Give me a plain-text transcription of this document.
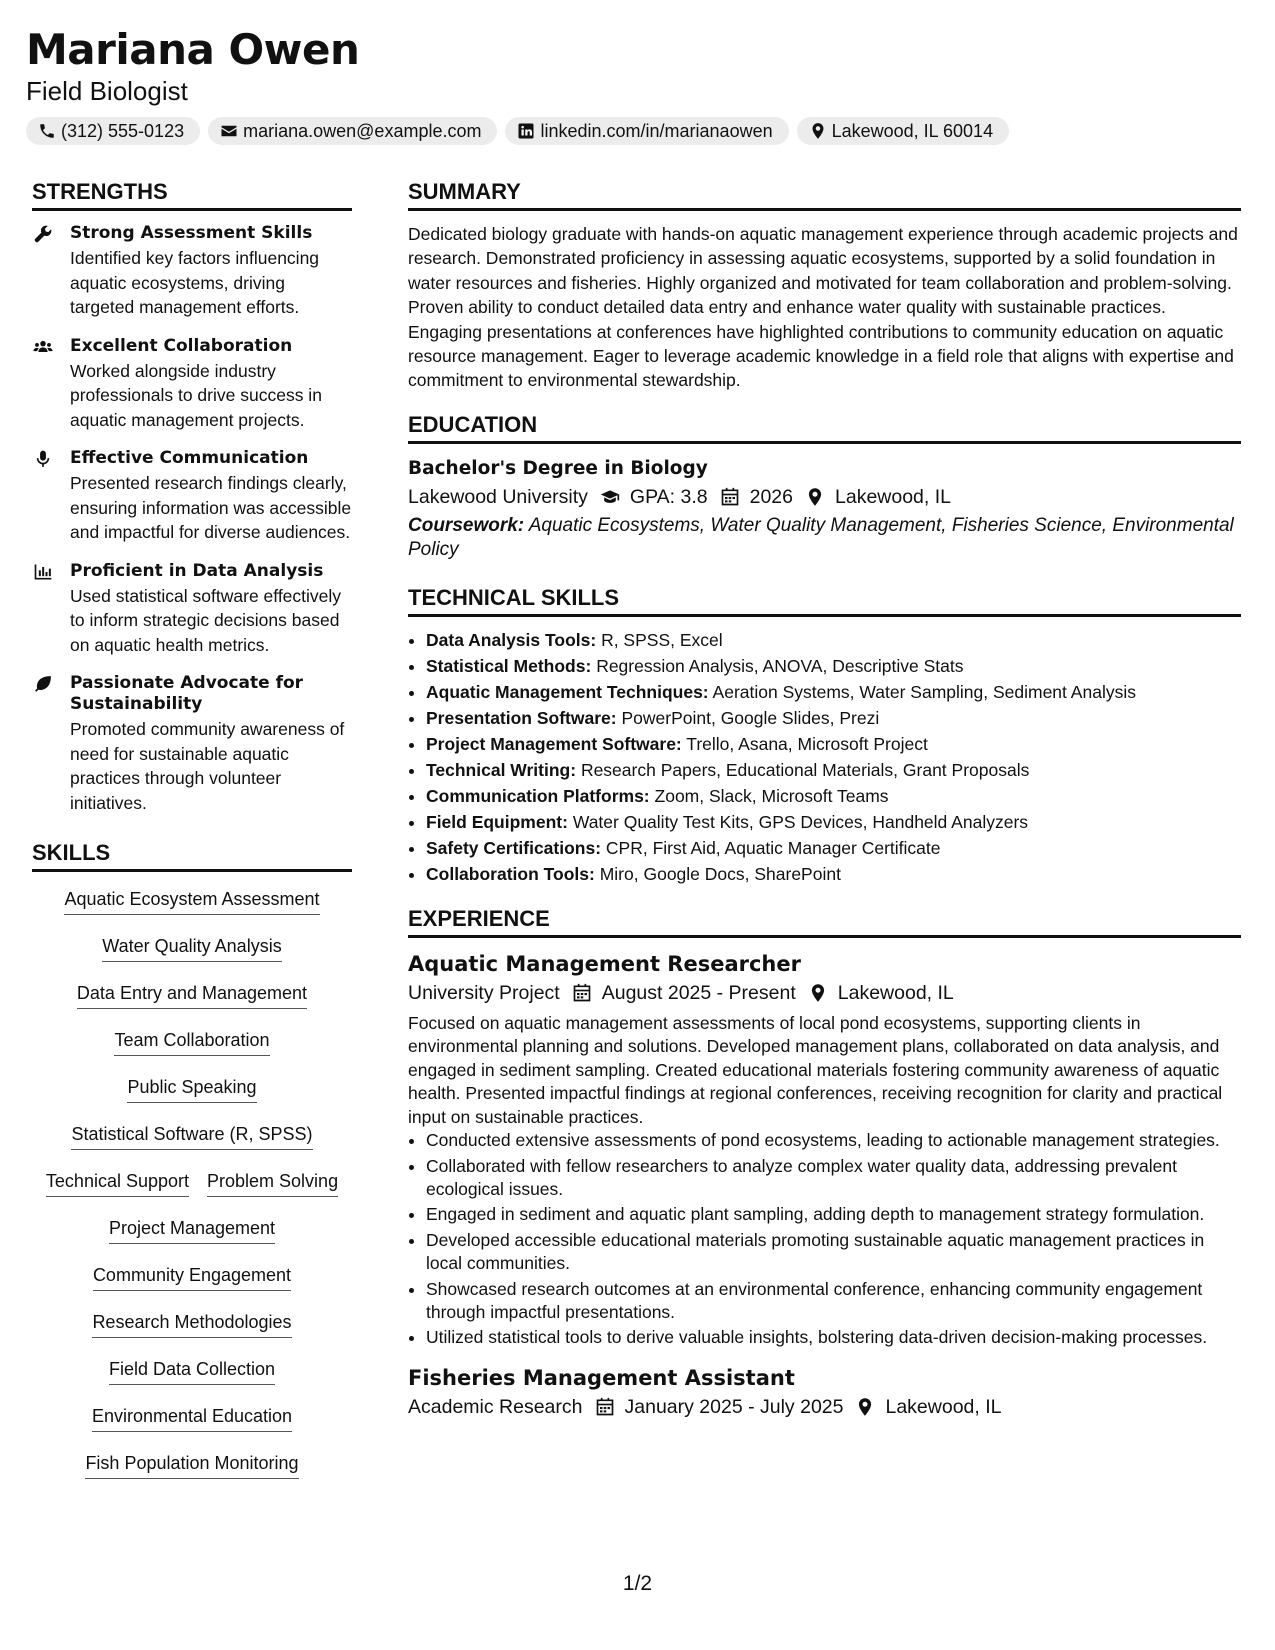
Mariana Owen
Field Biologist
(312) 555-0123	mariana.owen@example.com	linkedin.com/in/marianaowen	Lakewood, IL 60014
STRENGTHS
Strong Assessment Skills
Identified key factors influencing aquatic ecosystems, driving targeted management efforts.
Excellent Collaboration
Worked alongside industry professionals to drive success in aquatic management projects.
Effective Communication
Presented research findings clearly, ensuring information was accessible and impactful for diverse audiences.
Proficient in Data Analysis
Used statistical software effectively to inform strategic decisions based on aquatic health metrics.
Passionate Advocate for Sustainability
Promoted community awareness of need for sustainable aquatic practices through volunteer initiatives.
SKILLS
Aquatic Ecosystem Assessment
Water Quality Analysis
Data Entry and Management
Team Collaboration
Public Speaking
Statistical Software (R, SPSS)
Technical Support Problem Solving
Project Management
Community Engagement
Research Methodologies
Field Data Collection
Environmental Education
Fish Population Monitoring
SUMMARY
Dedicated biology graduate with hands-on aquatic management experience through academic projects and research. Demonstrated proficiency in assessing aquatic ecosystems, supported by a solid foundation in water resources and fisheries. Highly organized and motivated for team collaboration and problem-solving. Proven ability to conduct detailed data entry and enhance water quality with sustainable practices. Engaging presentations at conferences have highlighted contributions to community education on aquatic resource management. Eager to leverage academic knowledge in a field role that aligns with expertise and commitment to environmental stewardship.
EDUCATION
Bachelor's Degree in Biology
Lakewood University GPA: 3.8 2026 Lakewood, IL
Coursework: Aquatic Ecosystems, Water Quality Management, Fisheries Science, Environmental Policy
TECHNICAL SKILLS
• Data Analysis Tools: R, SPSS, Excel
• Statistical Methods: Regression Analysis, ANOVA, Descriptive Stats
• Aquatic Management Techniques: Aeration Systems, Water Sampling, Sediment Analysis
• Presentation Software: PowerPoint, Google Slides, Prezi
• Project Management Software: Trello, Asana, Microsoft Project
• Technical Writing: Research Papers, Educational Materials, Grant Proposals
• Communication Platforms: Zoom, Slack, Microsoft Teams
• Field Equipment: Water Quality Test Kits, GPS Devices, Handheld Analyzers
• Safety Certifications: CPR, First Aid, Aquatic Manager Certificate
• Collaboration Tools: Miro, Google Docs, SharePoint
EXPERIENCE
Aquatic Management Researcher
University Project August 2025 - Present Lakewood, IL
Focused on aquatic management assessments of local pond ecosystems, supporting clients in environmental planning and solutions. Developed management plans, collaborated on data analysis, and engaged in sediment sampling. Created educational materials fostering community awareness of aquatic health. Presented impactful findings at regional conferences, receiving recognition for clarity and practical input on sustainable practices.
• Conducted extensive assessments of pond ecosystems, leading to actionable management strategies.
• Collaborated with fellow researchers to analyze complex water quality data, addressing prevalent ecological issues.
• Engaged in sediment and aquatic plant sampling, adding depth to management strategy formulation.
• Developed accessible educational materials promoting sustainable aquatic management practices in local communities.
• Showcased research outcomes at an environmental conference, enhancing community engagement through impactful presentations.
• Utilized statistical tools to derive valuable insights, bolstering data-driven decision-making processes.
Fisheries Management Assistant
Academic Research January 2025 - July 2025 Lakewood, IL
1/2
